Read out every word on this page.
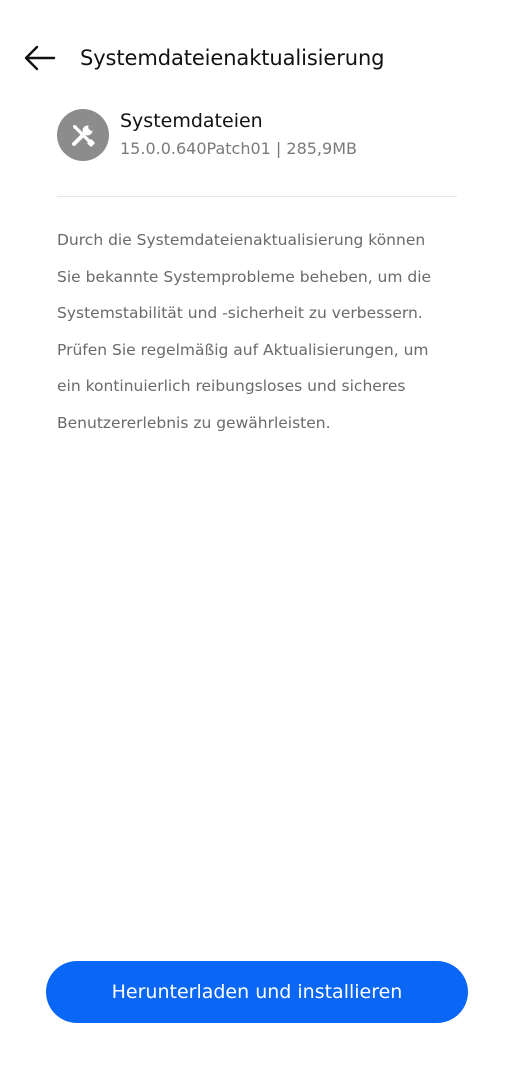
Systemdateienaktualisierung
Systemdateien
15.0.0.640Patch01 | 285,9MB
Durch die Systemdateienaktualisierung können
Sie bekannte Systemprobleme beheben, um die
Systemstabilität und -sicherheit zu verbessern.
Prüfen Sie regelmäßig auf Aktualisierungen, um
ein kontinuierlich reibungsloses und sicheres
Benutzererlebnis zu gewährleisten.
Herunterladen und installieren
